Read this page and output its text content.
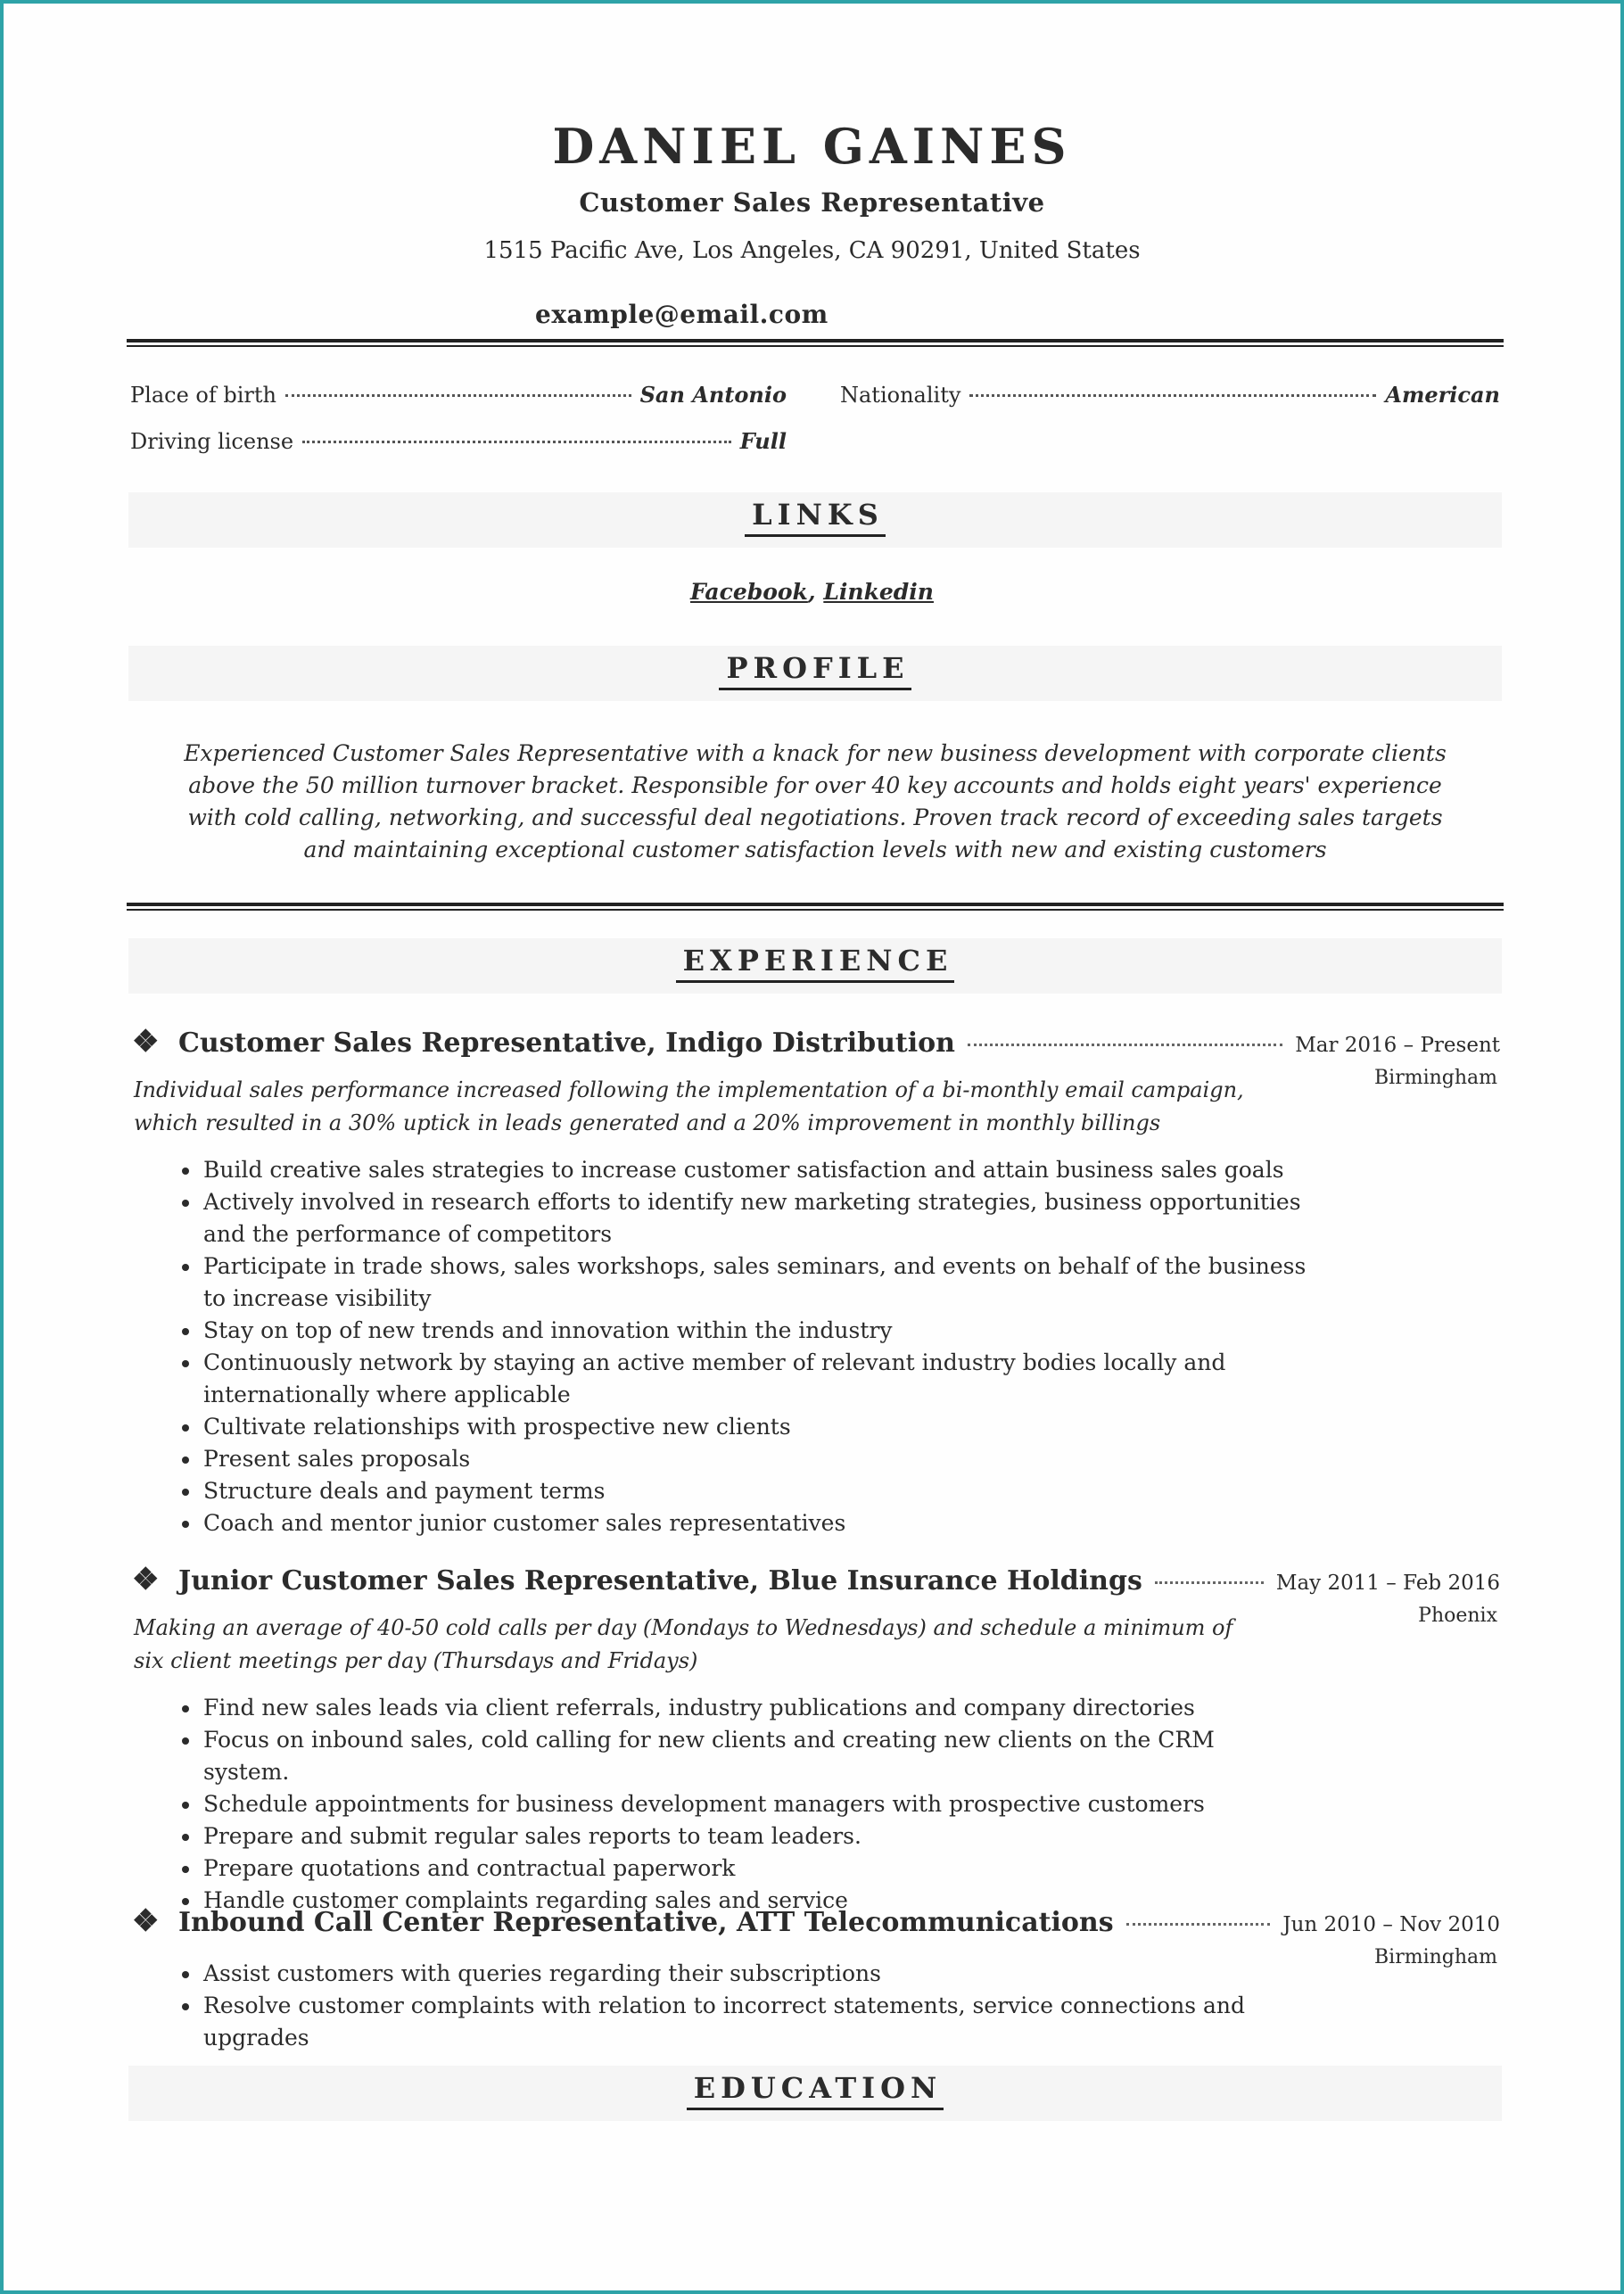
DANIEL GAINES
Customer Sales Representative
1515 Pacific Ave, Los Angeles, CA 90291, United States
example@email.com
Place of birth	San Antonio	Nationality	American
Driving license	Full
LINKS
Facebook, Linkedin
PROFILE
Experienced Customer Sales Representative with a knack for new business development with corporate clients above the 50 million turnover bracket. Responsible for over 40 key accounts and holds eight years' experience with cold calling, networking, and successful deal negotiations. Proven track record of exceeding sales targets and maintaining exceptional customer satisfaction levels with new and existing customers
EXPERIENCE
❖ Customer Sales Representative, Indigo Distribution	Mar 2016 – Present
Birmingham
Individual sales performance increased following the implementation of a bi-monthly email campaign, which resulted in a 30% uptick in leads generated and a 20% improvement in monthly billings
• Build creative sales strategies to increase customer satisfaction and attain business sales goals
• Actively involved in research efforts to identify new marketing strategies, business opportunities and the performance of competitors
• Participate in trade shows, sales workshops, sales seminars, and events on behalf of the business to increase visibility
• Stay on top of new trends and innovation within the industry
• Continuously network by staying an active member of relevant industry bodies locally and internationally where applicable
• Cultivate relationships with prospective new clients
• Present sales proposals
• Structure deals and payment terms
• Coach and mentor junior customer sales representatives
❖ Junior Customer Sales Representative, Blue Insurance Holdings	May 2011 – Feb 2016
Phoenix
Making an average of 40-50 cold calls per day (Mondays to Wednesdays) and schedule a minimum of six client meetings per day (Thursdays and Fridays)
• Find new sales leads via client referrals, industry publications and company directories
• Focus on inbound sales, cold calling for new clients and creating new clients on the CRM system.
• Schedule appointments for business development managers with prospective customers
• Prepare and submit regular sales reports to team leaders.
• Prepare quotations and contractual paperwork
• Handle customer complaints regarding sales and service
❖ Inbound Call Center Representative, ATT Telecommunications	Jun 2010 – Nov 2010
Birmingham
• Assist customers with queries regarding their subscriptions
• Resolve customer complaints with relation to incorrect statements, service connections and upgrades
EDUCATION
